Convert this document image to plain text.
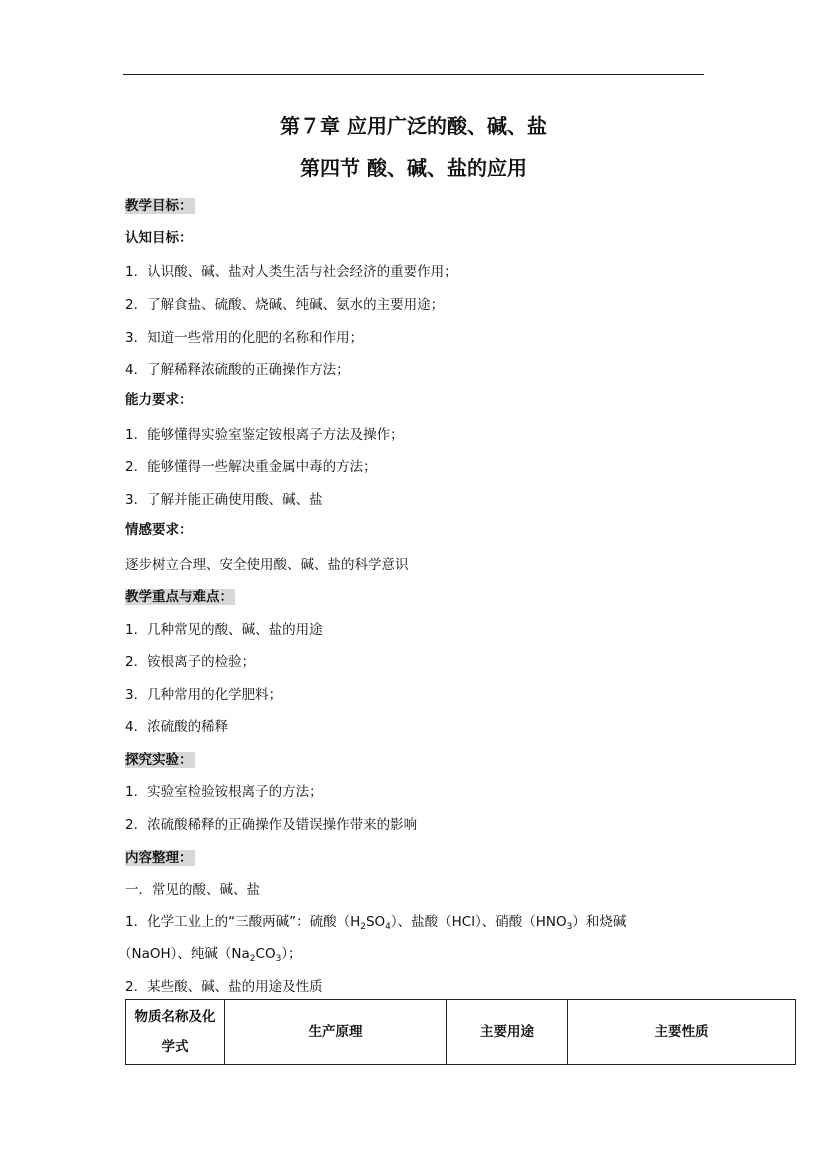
第７章 应用广泛的酸、碱、盐
第四节 酸、碱、盐的应用
教学目标：
认知目标：
1．认识酸、碱、盐对人类生活与社会经济的重要作用；
2．了解食盐、硫酸、烧碱、纯碱、氨水的主要用途；
3．知道一些常用的化肥的名称和作用；
4．了解稀释浓硫酸的正确操作方法；
能力要求：
1．能够懂得实验室鉴定铵根离子方法及操作；
2．能够懂得一些解决重金属中毒的方法；
3．了解并能正确使用酸、碱、盐
情感要求：
逐步树立合理、安全使用酸、碱、盐的科学意识
教学重点与难点：
1．几种常见的酸、碱、盐的用途
2．铵根离子的检验；
3．几种常用的化学肥料；
4．浓硫酸的稀释
探究实验：
1．实验室检验铵根离子的方法；
2．浓硫酸稀释的正确操作及错误操作带来的影响
内容整理：
一．常见的酸、碱、盐
1．化学工业上的“三酸两碱”：硫酸$(H_2SO_4)$、盐酸（HCl）、硝酸$(HNO_3)$和烧碱
（NaOH）、纯碱$(Na_2CO_3)$；
2．某些酸、碱、盐的用途及性质
物质名称及化学式	生产原理	主要用途	主要性质
